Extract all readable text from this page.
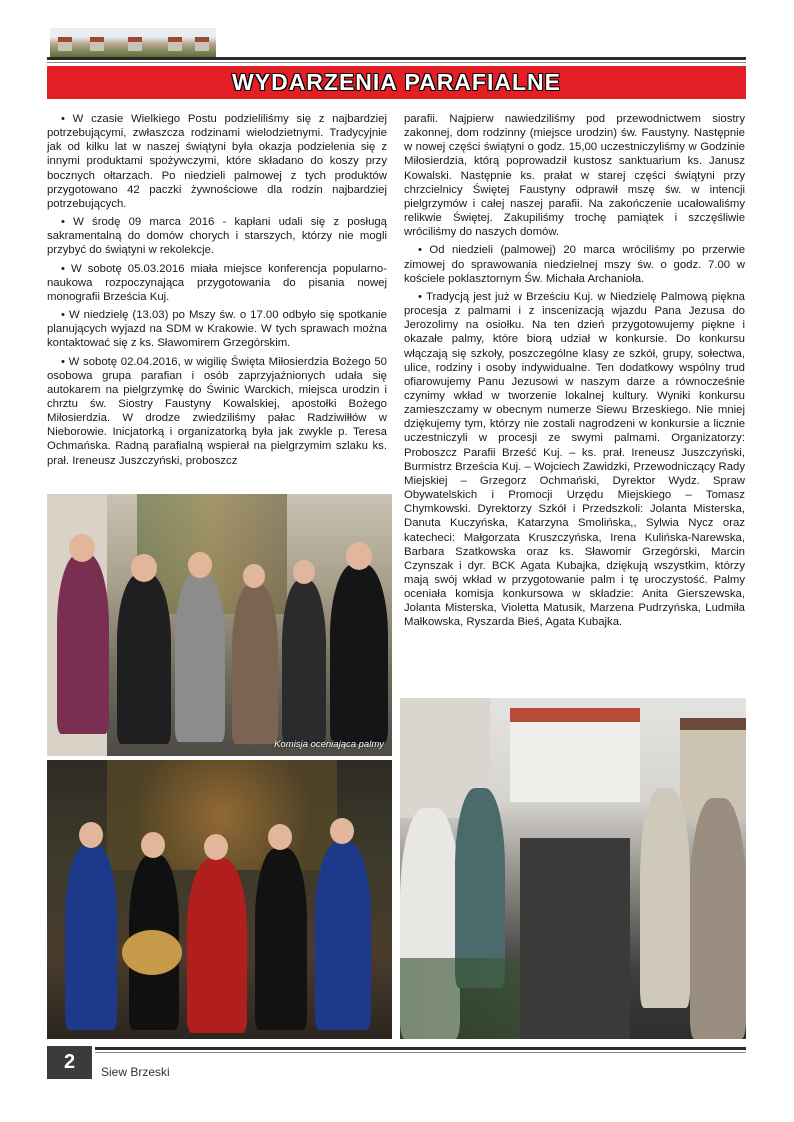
WYDARZENIA PARAFIALNE

• W czasie Wielkiego Postu podzieliliśmy się z najbardziej potrzebującymi, zwłaszcza rodzinami wielodzietnymi. Tradycyjnie jak od kilku lat w naszej świątyni była okazja podzielenia się z innymi produktami spożywczymi, które składano do koszy przy bocznych ołtarzach. Po niedzieli palmowej z tych produktów przygotowano 42 paczki żywnościowe dla rodzin najbardziej potrzebujących.

• W środę 09 marca 2016 - kapłani udali się z posługą sakramentalną do domów chorych i starszych, którzy nie mogli przybyć do świątyni w rekolekcje.

• W sobotę 05.03.2016 miała miejsce konferencja popularno-naukowa rozpoczynająca przygotowania do pisania nowej monografii Brześcia Kuj.

• W niedzielę (13.03) po Mszy św. o 17.00 odbyło się spotkanie planujących wyjazd na SDM w Krakowie. W tych sprawach można kontaktować się z ks. Sławomirem Grzegórskim.

• W sobotę 02.04.2016, w wigilię Święta Miłosierdzia Bożego 50 osobowa grupa parafian i osób zaprzyjaźnionych udała się autokarem na pielgrzymkę do Świnic Warckich, miejsca urodzin i chrztu św. Siostry Faustyny Kowalskiej, apostołki Bożego Miłosierdzia. W drodze zwiedziliśmy pałac Radziwiłłów w Nieborowie. Inicjatorką i organizatorką była jak zwykle p. Teresa Ochmańska. Radną parafialną wspierał na pielgrzymim szlaku ks. prał. Ireneusz Juszczyński, proboszcz

parafii. Najpierw nawiedziliśmy pod przewodnictwem siostry zakonnej, dom rodzinny (miejsce urodzin) św. Faustyny. Następnie w nowej części świątyni o godz. 15,00 uczestniczyliśmy w Godzinie Miłosierdzia, którą poprowadził kustosz sanktuarium ks. Janusz Kowalski. Następnie ks. prałat w starej części świątyni przy chrzcielnicy Świętej Faustyny odprawił mszę św. w intencji pielgrzymów i całej naszej parafii. Na zakończenie ucałowaliśmy relikwie Świętej. Zakupiliśmy trochę pamiątek i szczęśliwie wróciliśmy do naszych domów.

• Od niedzieli (palmowej) 20 marca wróciliśmy po przerwie zimowej do sprawowania niedzielnej mszy św. o godz. 7.00 w kościele poklasztornym Św. Michała Archanioła.

• Tradycją jest już w Brześciu Kuj. w Niedzielę Palmową piękna procesja z palmami i z inscenizacją wjazdu Pana Jezusa do Jerozolimy na osiołku. Na ten dzień przygotowujemy piękne i okazałe palmy, które biorą udział w konkursie. Do konkursu włączają się szkoły, poszczególne klasy ze szkół, grupy, sołectwa, ulice, rodziny i osoby indywidualne. Ten dodatkowy wspólny trud ofiarowujemy Panu Jezusowi w naszym darze a równocześnie czynimy wkład w tworzenie lokalnej kultury. Wyniki konkursu zamieszczamy w obecnym numerze Siewu Brzeskiego. Nie mniej dziękujemy tym, którzy nie zostali nagrodzeni w konkursie a licznie uczestniczyli w procesji ze swymi palmami. Organizatorzy: Proboszcz Parafii Brześć Kuj. – ks. prał. Ireneusz Juszczyński, Burmistrz Brześcia Kuj. – Wojciech Zawidzki, Przewodniczący Rady Miejskiej – Grzegorz Ochmański, Dyrektor Wydz. Spraw Obywatelskich i Promocji Urzędu Miejskiego – Tomasz Chymkowski. Dyrektorzy Szkół i Przedszkoli: Jolanta Misterska, Danuta Kuczyńska, Katarzyna Smolińska,, Sylwia Nycz oraz katecheci: Małgorzata Kruszczyńska, Irena Kulińska-Narewska, Barbara Szatkowska oraz ks. Sławomir Grzegórski, Marcin Czynszak i dyr. BCK Agata Kubajka, dziękują wszystkim, którzy mają swój wkład w przygotowanie palm i tę uroczystość. Palmy oceniała komisja konkursowa w składzie: Anita Gierszewska, Jolanta Misterska, Violetta Matusik, Marzena Pudrzyńska, Ludmiła Małkowska, Ryszarda Bieś, Agata Kubajka.

Komisja oceniająca palmy
2 Siew Brzeski
